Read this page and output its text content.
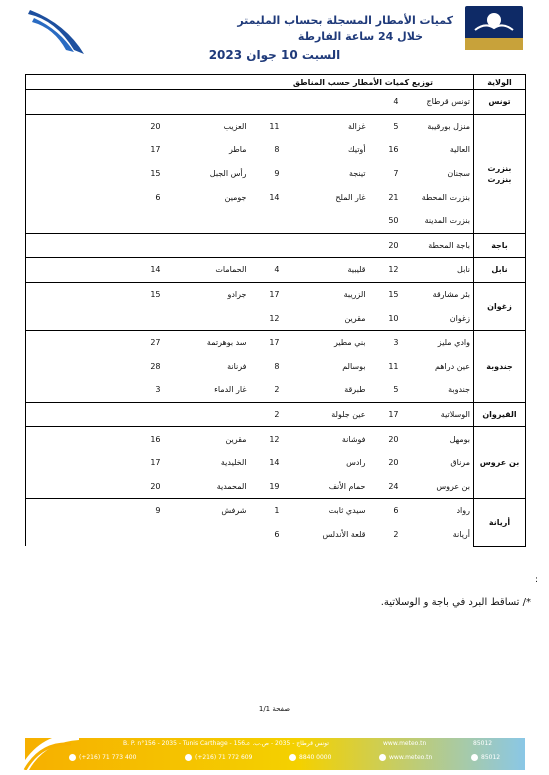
كميات الأمطار المسجلة بحساب المليمتر
خلال 24 ساعة الفارطة
السبت 10 جوان 2023
الولاية	توزيع كميات الأمطار حسب المناطق							
تونس	تونس قرطاج	4						
بنزرت
بنزرت	منزل بورقيبة	5	غزالة	11	العزيب	20		
	العالية	16	أوتيك	8	ماطر	17		
	سجنان	7	تينجة	9	رأس الجبل	15		
	بنزرت المحطة	21	غار الملح	14	جومين	6		
	بنزرت المدينة	50						
باجة	باجة المحطة	20						
نابل	نابل	12	قليبية	4	الحمامات	14		
زغوان	بئر مشارقة	15	الزريبة	17	جرادو	15		
	زغوان	10	مقرين	12				
جندوبة	وادي مليز	3	بني مطير	17	سد بوهرتمة	27		
	عين دراهم	11	بوسالم	8	فرنانة	28		
	جندوبة	5	طبرقة	2	غار الدماء	3		
القيروان	الوسلاتية	17	عين جلولة	2				
بن عروس	بومهل	20	فوشانة	12	مقرين	16		
	مرناق	20	رادس	14	الخليدية	17		
	بن عروس	24	حمام الأنف	19	المحمدية	20		
أريانة	رواد	6	سيدي ثابت	1	شرفش	9		
	أريانة	2	قلعة الأندلس	6				
:
*/ تساقط البرد في باجة و الوسلاتية.
صفحة 1/1
B. P. n°156 - 2035 - Tunis Carthage - تونس قرطاج - 2035 - ص.ب. عـ156	www.meteo.tn	85012
(+216) 71 773 400	(+216) 71 772 609	8840 0000	www.meteo.tn	85012
